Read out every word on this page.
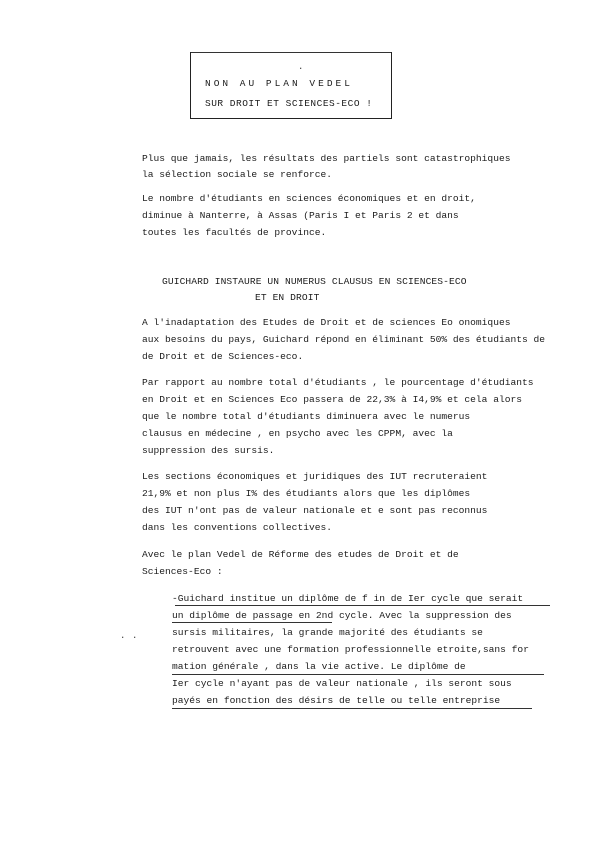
NON AU PLAN VEDEL
SUR DROIT ET SCIENCES-ECO !
Plus que jamais, les résultats des partiels sont catastrophiques
la sélection sociale se renforce.
Le nombre d'étudiants en sciences économiques et en droit,
diminue à Nanterre, à Assas (Paris I et Paris 2 et dans
toutes les facultés de province.
GUICHARD INSTAURE UN NUMERUS CLAUSUS EN SCIENCES-ECO
ET EN DROIT
A l'inadaptation des Etudes de Droit et de sciences Eo onomiques
aux besoins du pays, Guichard répond en éliminant 50% des étudiants de
de Droit et de Sciences-eco.
Par rapport au nombre total d'étudiants , le pourcentage d'étudiants
en Droit et en Sciences Eco passera de 22,3% à I4,9% et cela alors
que le nombre total d'étudiants diminuera avec le numerus
clausus en médecine , en psycho avec les CPPM, avec la
suppression des sursis.
Les sections économiques et juridiques des IUT recruteraient
21,9% et non plus I% des étudiants alors que les diplômes
des IUT n'ont pas de valeur nationale et e sont pas reconnus
dans les conventions collectives.
Avec le plan Vedel de Réforme des etudes de Droit et de
Sciences-Eco :
-Guichard institue un diplôme de f in de Ier cycle que serait
un diplôme de passage en 2nd cycle. Avec la suppression des
sursis militaires, la grande majorité des étudiants se
retrouvent avec une formation professionnelle etroite,sans for
mation générale , dans la vie active. Le diplôme de
Ier cycle n'ayant pas de valeur nationale , ils seront sous
payés en fonction des désirs de telle ou telle entreprise
· ·
·
